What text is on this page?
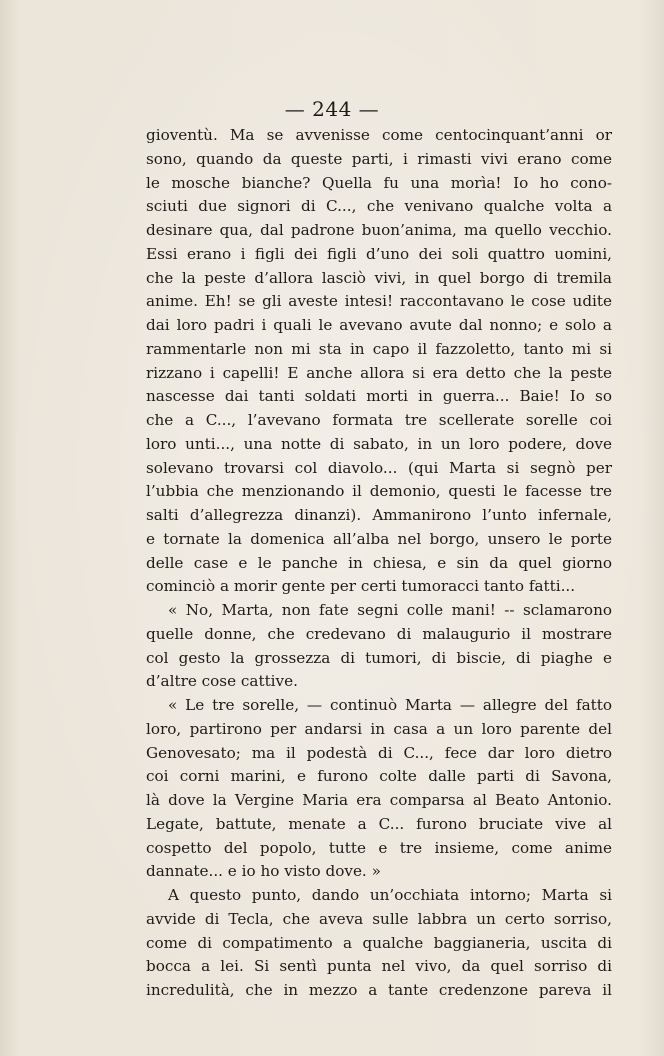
— 244 —
gioventù. Ma se avvenisse come centocinquant’anni or
sono, quando da queste parti, i rimasti vivi erano come
le mosche bianche? Quella fu una morìa! Io ho cono-
sciuti due signori di C..., che venivano qualche volta a
desinare qua, dal padrone buon’anima, ma quello vecchio.
Essi erano i figli dei figli d’uno dei soli quattro uomini,
che la peste d’allora lasciò vivi, in quel borgo di tremila
anime. Eh! se gli aveste intesi! raccontavano le cose udite
dai loro padri i quali le avevano avute dal nonno; e solo a
rammentarle non mi sta in capo il fazzoletto, tanto mi si
rizzano i capelli! E anche allora si era detto che la peste
nascesse dai tanti soldati morti in guerra... Baie! Io so
che a C..., l’avevano formata tre scellerate sorelle coi
loro unti..., una notte di sabato, in un loro podere, dove
solevano trovarsi col diavolo... (qui Marta si segnò per
l’ubbia che menzionando il demonio, questi le facesse tre
salti d’allegrezza dinanzi). Ammanirono l’unto infernale,
e tornate la domenica all’alba nel borgo, unsero le porte
delle case e le panche in chiesa, e sin da quel giorno
cominciò a morir gente per certi tumoracci tanto fatti...
« No, Marta, non fate segni colle mani! -- sclamarono
quelle donne, che credevano di malaugurio il mostrare
col gesto la grossezza di tumori, di biscie, di piaghe e
d’altre cose cattive.
« Le tre sorelle, — continuò Marta — allegre del fatto
loro, partirono per andarsi in casa a un loro parente del
Genovesato; ma il podestà di C..., fece dar loro dietro
coi corni marini, e furono colte dalle parti di Savona,
là dove la Vergine Maria era comparsa al Beato Antonio.
Legate, battute, menate a C... furono bruciate vive al
cospetto del popolo, tutte e tre insieme, come anime
dannate... e io ho visto dove. »
A questo punto, dando un’occhiata intorno; Marta si
avvide di Tecla, che aveva sulle labbra un certo sorriso,
come di compatimento a qualche baggianeria, uscita di
bocca a lei. Si sentì punta nel vivo, da quel sorriso di
incredulità, che in mezzo a tante credenzone pareva il
